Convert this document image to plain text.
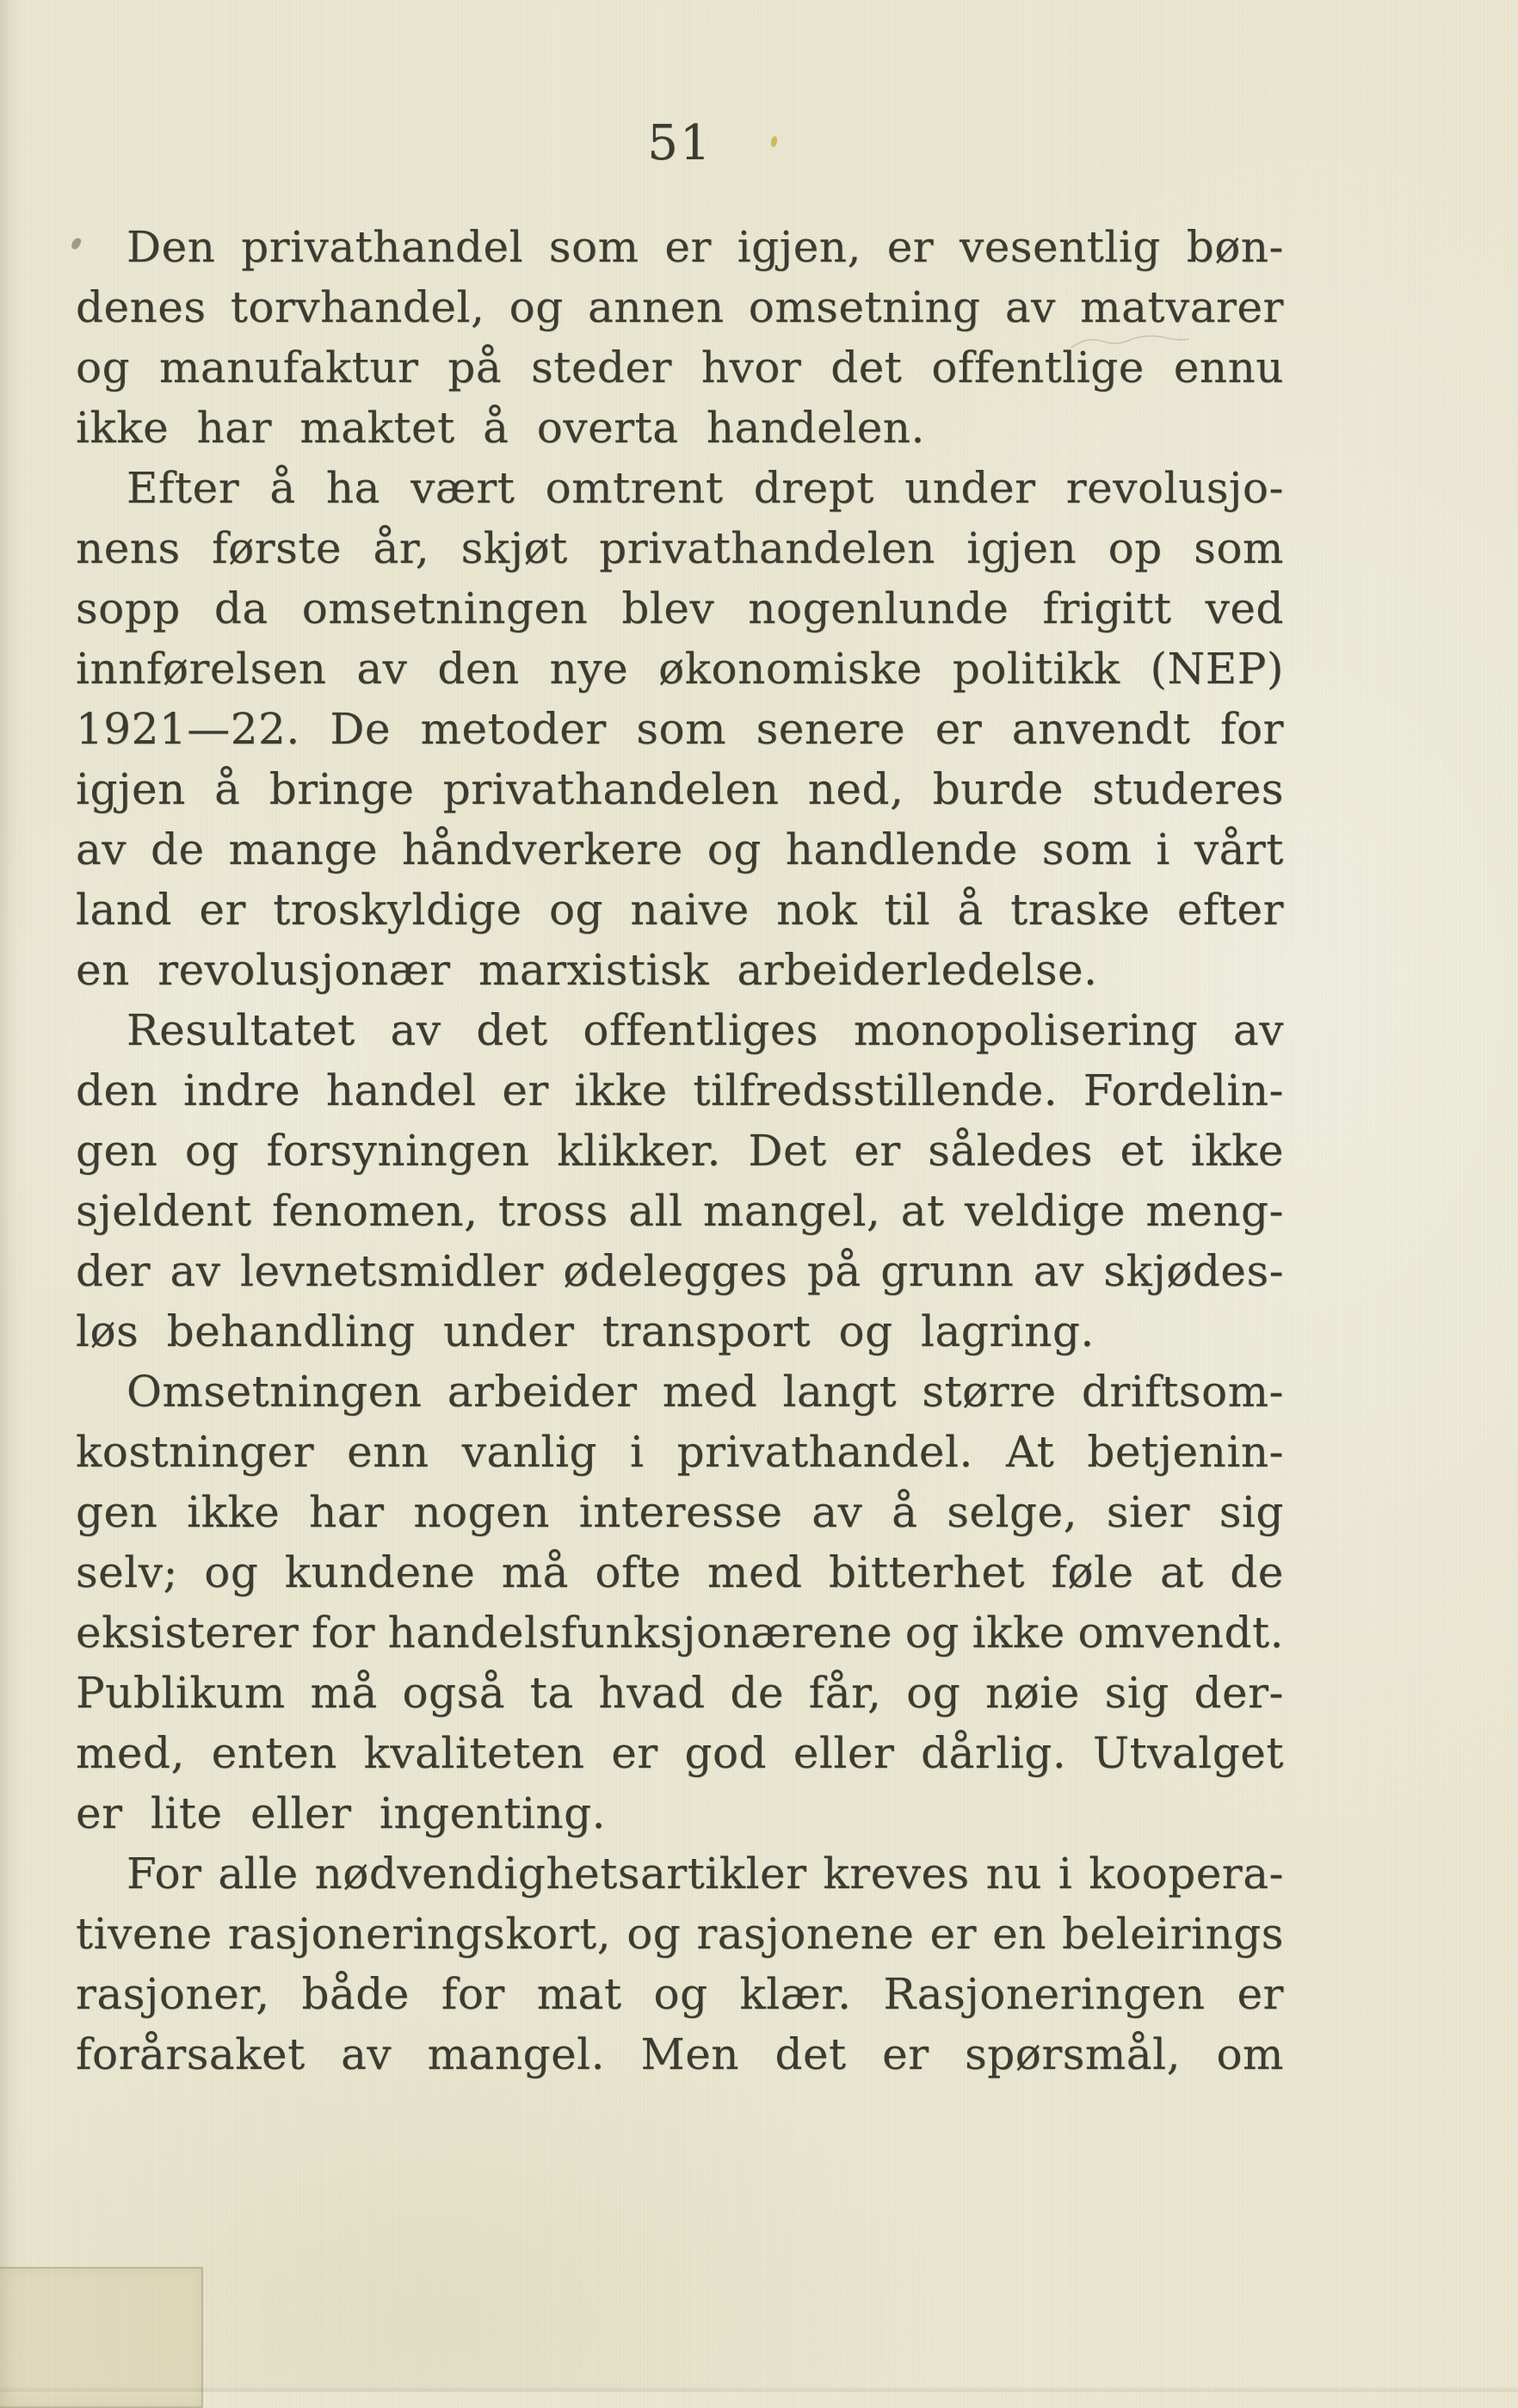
51
Den privathandel som er igjen, er vesentlig bøn-
denes torvhandel, og annen omsetning av matvarer
og manufaktur på steder hvor det offentlige ennu
ikke har maktet å overta handelen.
Efter å ha vært omtrent drept under revolusjo-
nens første år, skjøt privathandelen igjen op som
sopp da omsetningen blev nogenlunde frigitt ved
innførelsen av den nye økonomiske politikk (NEP)
1921—22. De metoder som senere er anvendt for
igjen å bringe privathandelen ned, burde studeres
av de mange håndverkere og handlende som i vårt
land er troskyldige og naive nok til å traske efter
en revolusjonær marxistisk arbeiderledelse.
Resultatet av det offentliges monopolisering av
den indre handel er ikke tilfredsstillende. Fordelin-
gen og forsyningen klikker. Det er således et ikke
sjeldent fenomen, tross all mangel, at veldige meng-
der av levnetsmidler ødelegges på grunn av skjødes-
løs behandling under transport og lagring.
Omsetningen arbeider med langt større driftsom-
kostninger enn vanlig i privathandel. At betjenin-
gen ikke har nogen interesse av å selge, sier sig
selv; og kundene må ofte med bitterhet føle at de
eksisterer for handelsfunksjonærene og ikke omvendt.
Publikum må også ta hvad de får, og nøie sig der-
med, enten kvaliteten er god eller dårlig. Utvalget
er lite eller ingenting.
For alle nødvendighetsartikler kreves nu i koopera-
tivene rasjoneringskort, og rasjonene er en beleirings
rasjoner, både for mat og klær. Rasjoneringen er
forårsaket av mangel. Men det er spørsmål, om
